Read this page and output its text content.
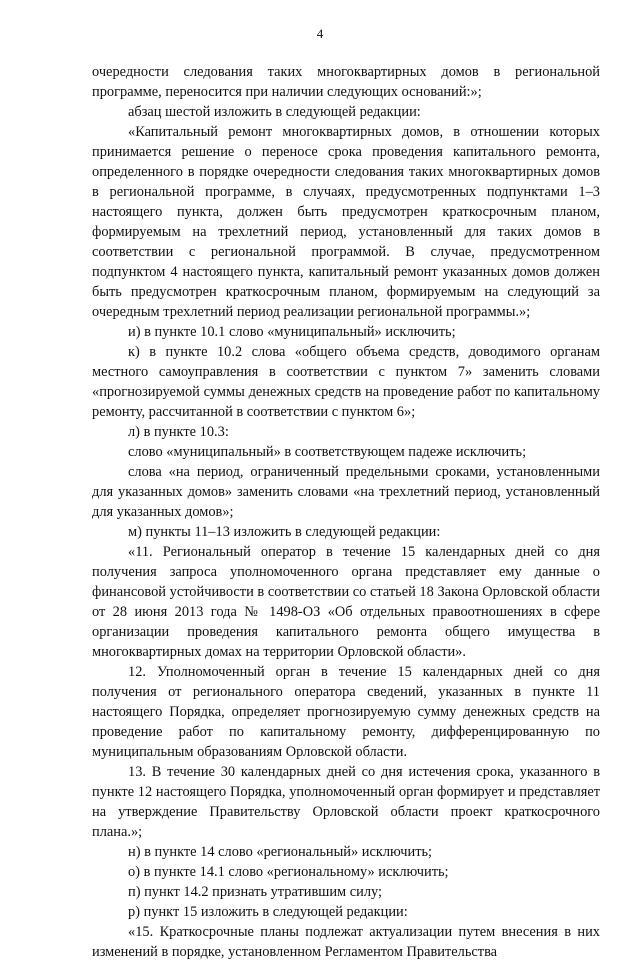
4

очередности следования таких многоквартирных домов в региональной программе, переносится при наличии следующих оснований:»;

абзац шестой изложить в следующей редакции:

«Капитальный ремонт многоквартирных домов, в отношении которых принимается решение о переносе срока проведения капитального ремонта, определенного в порядке очередности следования таких многоквартирных домов в региональной программе, в случаях, предусмотренных подпунктами 1–3 настоящего пункта, должен быть предусмотрен краткосрочным планом, формируемым на трехлетний период, установленный для таких домов в соответствии с региональной программой. В случае, предусмотренном подпунктом 4 настоящего пункта, капитальный ремонт указанных домов должен быть предусмотрен краткосрочным планом, формируемым на следующий за очередным трехлетний период реализации региональной программы.»;

и) в пункте 10.1 слово «муниципальный» исключить;

к) в пункте 10.2 слова «общего объема средств, доводимого органам местного самоуправления в соответствии с пунктом 7» заменить словами «прогнозируемой суммы денежных средств на проведение работ по капитальному ремонту, рассчитанной в соответствии с пунктом 6»;

л) в пункте 10.3:

слово «муниципальный» в соответствующем падеже исключить;

слова «на период, ограниченный предельными сроками, установленными для указанных домов» заменить словами «на трехлетний период, установленный для указанных домов»;

м) пункты 11–13 изложить в следующей редакции:

«11. Региональный оператор в течение 15 календарных дней со дня получения запроса уполномоченного органа представляет ему данные о финансовой устойчивости в соответствии со статьей 18 Закона Орловской области от 28 июня 2013 года № 1498-ОЗ «Об отдельных правоотношениях в сфере организации проведения капитального ремонта общего имущества в многоквартирных домах на территории Орловской области».

12. Уполномоченный орган в течение 15 календарных дней со дня получения от регионального оператора сведений, указанных в пункте 11 настоящего Порядка, определяет прогнозируемую сумму денежных средств на проведение работ по капитальному ремонту, дифференцированную по муниципальным образованиям Орловской области.

13. В течение 30 календарных дней со дня истечения срока, указанного в пункте 12 настоящего Порядка, уполномоченный орган формирует и представляет на утверждение Правительству Орловской области проект краткосрочного плана.»;

н) в пункте 14 слово «региональный» исключить;

о) в пункте 14.1 слово «региональному» исключить;

п) пункт 14.2 признать утратившим силу;

р) пункт 15 изложить в следующей редакции:

«15. Краткосрочные планы подлежат актуализации путем внесения в них изменений в порядке, установленном Регламентом Правительства
